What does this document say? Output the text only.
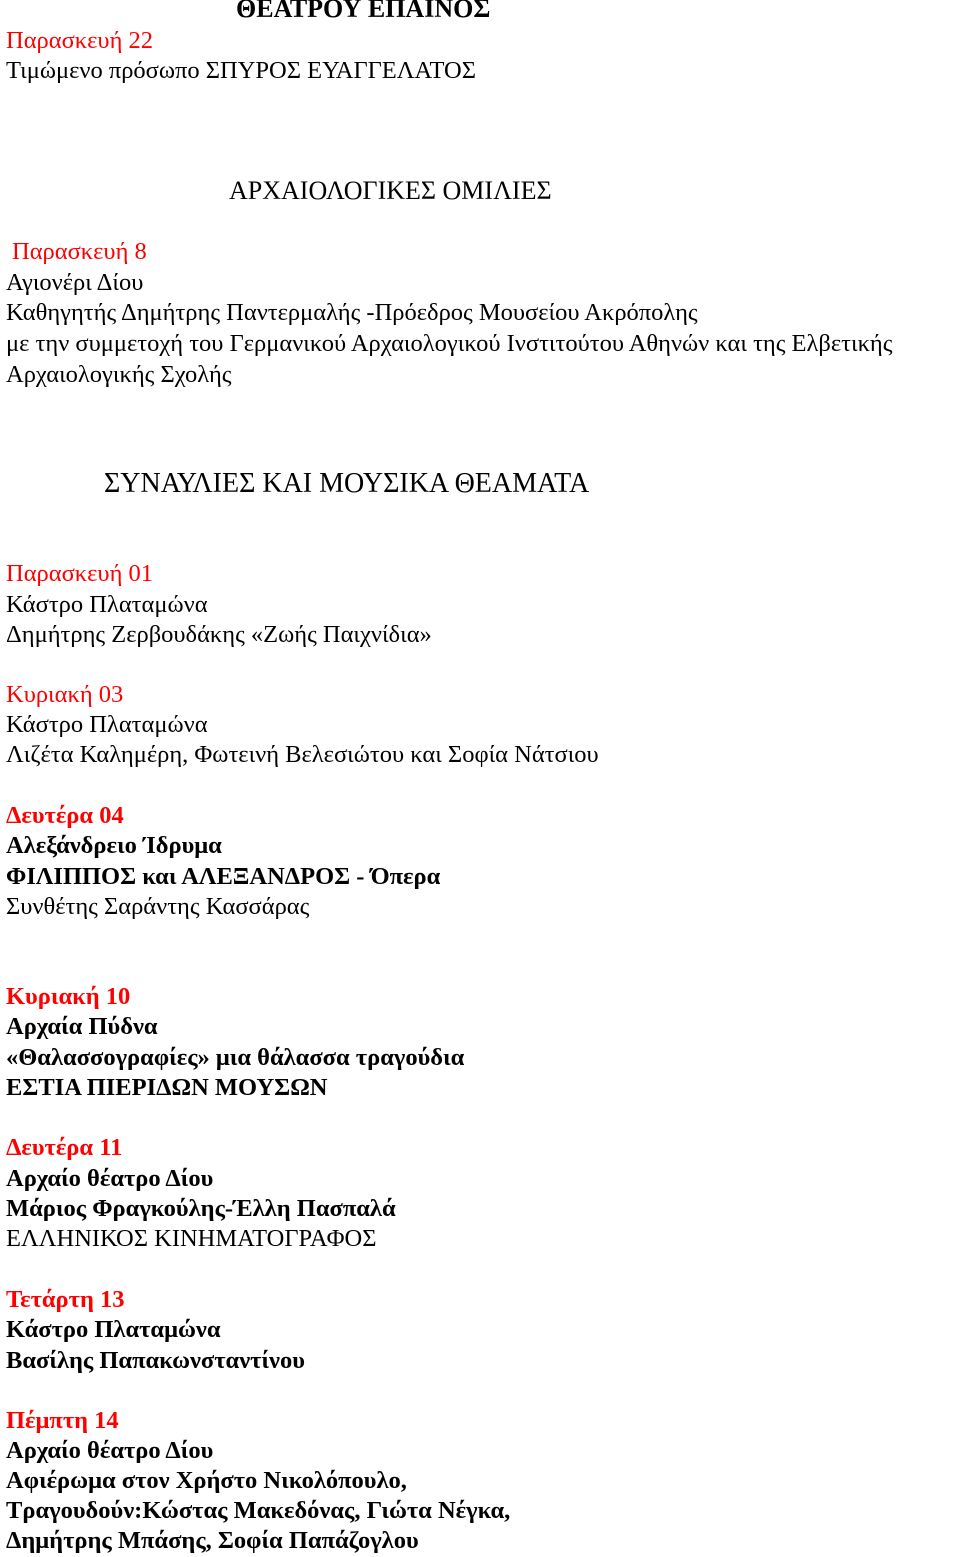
ΘΕΑΤΡΟΥ ΕΠΑΙΝΟΣ
Παρασκευή 22
Τιμώμενο πρόσωπο ΣΠΥΡΟΣ ΕΥΑΓΓΕΛΑΤΟΣ
ΑΡΧΑΙΟΛΟΓΙΚΕΣ ΟΜΙΛΙΕΣ
Παρασκευή 8
Αγιονέρι Δίου
Καθηγητής Δημήτρης Παντερμαλής -Πρόεδρος Μουσείου Ακρόπολης
με την συμμετοχή του Γερμανικού Αρχαιολογικού Ινστιτούτου Αθηνών και της Ελβετικής
Αρχαιολογικής Σχολής
ΣΥΝΑΥΛΙΕΣ ΚΑΙ ΜΟΥΣΙΚΑ ΘΕΑΜΑΤΑ
Παρασκευή 01
Κάστρο Πλαταμώνα
Δημήτρης Ζερβουδάκης «Ζωής Παιχνίδια»
Κυριακή 03
Κάστρο Πλαταμώνα
Λιζέτα Καλημέρη, Φωτεινή Βελεσιώτου και Σοφία Νάτσιου
Δευτέρα 04
Αλεξάνδρειο Ίδρυμα
ΦΙΛΙΠΠΟΣ και ΑΛΕΞΑΝΔΡΟΣ - Όπερα
Συνθέτης Σαράντης Κασσάρας
Κυριακή 10
Αρχαία Πύδνα
«Θαλασσογραφίες» μια θάλασσα τραγούδια
ΕΣΤΙΑ ΠΙΕΡΙΔΩΝ ΜΟΥΣΩΝ
Δευτέρα 11
Αρχαίο θέατρο Δίου
Μάριος Φραγκούλης-Έλλη Πασπαλά
ΕΛΛΗΝΙΚΟΣ ΚΙΝΗΜΑΤΟΓΡΑΦΟΣ
Τετάρτη 13
Κάστρο Πλαταμώνα
Βασίλης Παπακωνσταντίνου
Πέμπτη 14
Αρχαίο θέατρο Δίου
Αφιέρωμα στον Χρήστο Νικολόπουλο,
Τραγουδούν:Κώστας Μακεδόνας, Γιώτα Νέγκα,
Δημήτρης Μπάσης, Σοφία Παπάζογλου
